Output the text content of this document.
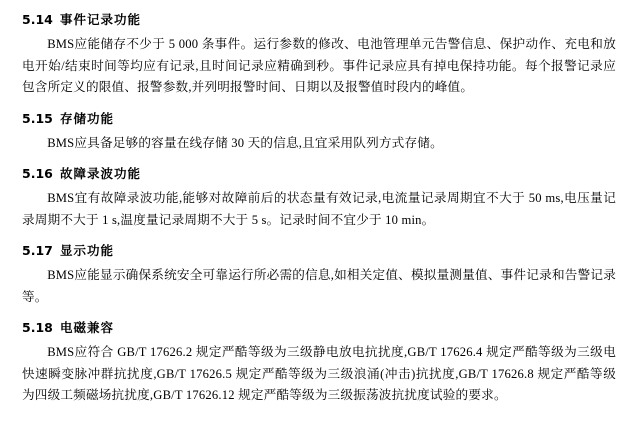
5.14 事件记录功能

BMS应能储存不少于 5 000 条事件。运行参数的修改、电池管理单元告警信息、保护动作、充电和放电开始/结束时间等均应有记录,且时间记录应精确到秒。事件记录应具有掉电保持功能。每个报警记录应包含所定义的限值、报警参数,并列明报警时间、日期以及报警值时段内的峰值。

5.15 存储功能

BMS应具备足够的容量在线存储 30 天的信息,且宜采用队列方式存储。

5.16 故障录波功能

BMS宜有故障录波功能,能够对故障前后的状态量有效记录,电流量记录周期宜不大于 50 ms,电压量记录周期不大于 1 s,温度量记录周期不大于 5 s。记录时间不宜少于 10 min。

5.17 显示功能

BMS应能显示确保系统安全可靠运行所必需的信息,如相关定值、模拟量测量值、事件记录和告警记录等。

5.18 电磁兼容

BMS应符合 GB/T 17626.2 规定严酷等级为三级静电放电抗扰度,GB/T 17626.4 规定严酷等级为三级电快速瞬变脉冲群抗扰度,GB/T 17626.5 规定严酷等级为三级浪涌(冲击)抗扰度,GB/T 17626.8 规定严酷等级为四级工频磁场抗扰度,GB/T 17626.12 规定严酷等级为三级振荡波抗扰度试验的要求。
